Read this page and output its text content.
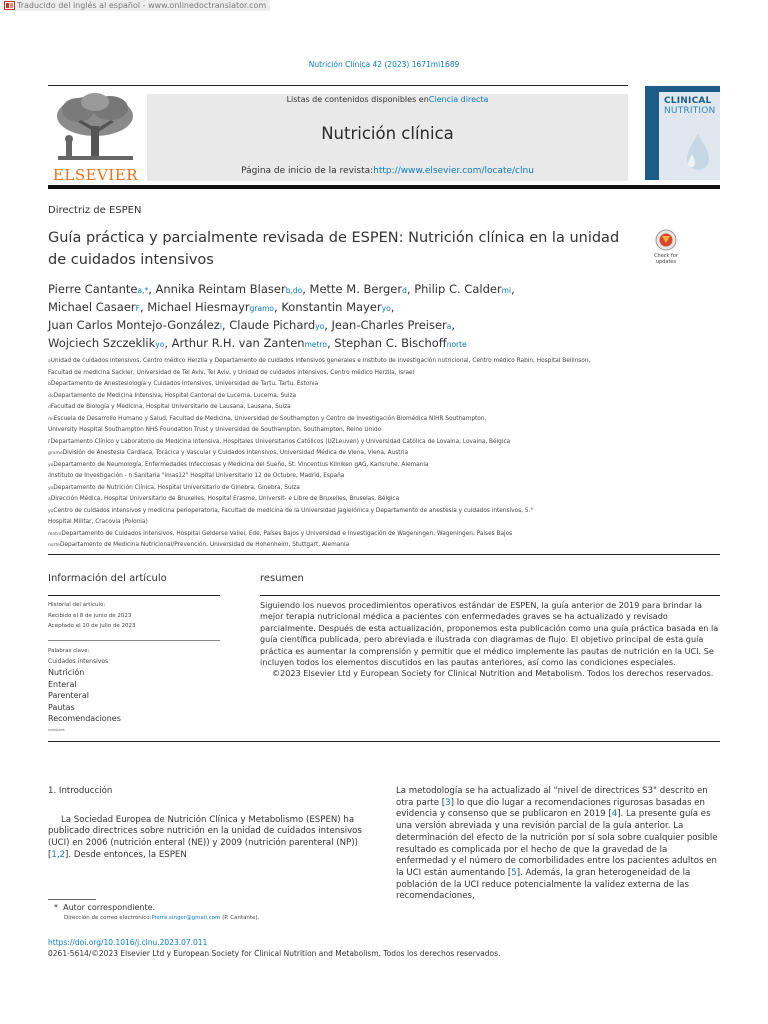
Traducido del inglés al español - www.onlinedoctranslator.com
Nutrición Clínica 42 (2023) 1671mi1689
ELSEVIER
Listas de contenidos disponibles enCiencia directa
Nutrición clínica
Página de inicio de la revista:http://www.elsevier.com/locate/clnu
CLINICAL
NUTRITION
Directriz de ESPEN
Guía práctica y parcialmente revisada de ESPEN: Nutrición clínica en la unidad de cuidados intensivos	Check for updates
Pierre Cantantea,*, Annika Reintam Blaserb,do, Mette M. Bergerd, Philip C. Caldermi,
Michael CasaerF, Michael Hiesmayrgramo, Konstantin Mayeryo,
Juan Carlos Montejo-Gonzálezi, Claude Pichardyo, Jean-Charles Preisera,
Wojciech Szczeklikyo, Arthur R.H. van Zantenmetro, Stephan C. Bischoffnorte
aUnidad de cuidados intensivos, Centro médico Herzlia y Departamento de cuidados intensivos generales e Instituto de investigación nutricional, Centro médico Rabin, Hospital Beilinson,
Facultad de medicina Sackler, Universidad de Tel Aviv, Tel Aviv, y Unidad de cuidados intensivos, Centro médico Herzlia, Israel
bDepartamento de Anestesiología y Cuidados Intensivos, Universidad de Tartu, Tartu, Estonia
doDepartamento de Medicina Intensiva, Hospital Cantonal de Lucerna, Lucerna, Suiza
dFacultad de Biología y Medicina, Hospital Universitario de Lausana, Lausana, Suiza
miEscuela de Desarrollo Humano y Salud, Facultad de Medicina, Universidad de Southampton y Centro de Investigación Biomédica NIHR Southampton,
University Hospital Southampton NHS Foundation Trust y Universidad de Southampton, Southampton, Reino Unido
FDepartamento Clínico y Laboratorio de Medicina Intensiva, Hospitales Universitarios Católicos (UZLeuven) y Universidad Católica de Lovaina, Lovaina, Bélgica
gramoDivisión de Anestesia Cardíaca, Torácica y Vascular y Cuidados Intensivos, Universidad Médica de Viena, Viena, Austria
yoDepartamento de Neumología, Enfermedades Infecciosas y Medicina del Sueño, St. Vincentius Kliniken gAG, Karlsruhe, Alemania
iInstituto de Investigación - n Sanitaria "imas12" Hospital Universitario 12 de Octubre, Madrid, España
yoDepartamento de Nutrición Clínica, Hospital Universitario de Ginebra, Ginebra, Suiza
aDirección Médica, Hospital Universitario de Bruxelles, Hospital Erasme, Universit- e Libre de Bruxelles, Bruselas, Bélgica
yoCentro de cuidados intensivos y medicina perioperatoria, Facultad de medicina de la Universidad Jagielónica y Departamento de anestesia y cuidados intensivos, 5.°
Hospital Militar, Cracovia (Polonia)
metroDepartamento de Cuidados Intensivos, Hospital Gelderse Vallei, Ede, Países Bajos y Universidad e Investigación de Wageningen, Wageningen, Países Bajos
norteDepartamento de Medicina Nutricional/Prevención, Universidad de Hohenheim, Stuttgart, Alemania
Información del artículo	resumen
Historial del artículo:
Recibido el 8 de junio de 2023
Aceptado el 10 de julio de 2023
Palabras clave:
Cuidados intensivos
Nutrición
Enteral
Parenteral
Pautas
Recomendaciones
nombres
Siguiendo los nuevos procedimientos operativos estándar de ESPEN, la guía anterior de 2019 para brindar la mejor terapia nutricional médica a pacientes con enfermedades graves se ha actualizado y revisado parcialmente. Después de esta actualización, proponemos esta publicación como una guía práctica basada en la guía científica publicada, pero abreviada e ilustrada con diagramas de flujo. El objetivo principal de esta guía práctica es aumentar la comprensión y permitir que el médico implemente las pautas de nutrición en la UCI. Se incluyen todos los elementos discutidos en las pautas anteriores, así como las condiciones especiales.
©2023 Elsevier Ltd y European Society for Clinical Nutrition and Metabolism. Todos los derechos reservados.
1. Introducción
La Sociedad Europea de Nutrición Clínica y Metabolismo (ESPEN) ha publicado directrices sobre nutrición en la unidad de cuidados intensivos (UCI) en 2006 (nutrición enteral (NE)) y 2009 (nutrición parenteral (NP)) [1,2]. Desde entonces, la ESPEN
La metodología se ha actualizado al "nivel de directrices S3" descrito en otra parte [3] lo que dio lugar a recomendaciones rigurosas basadas en evidencia y consenso que se publicaron en 2019 [4]. La presente guía es una versión abreviada y una revisión parcial de la guía anterior. La determinación del efecto de la nutrición por sí sola sobre cualquier posible resultado es complicada por el hecho de que la gravedad de la enfermedad y el número de comorbilidades entre los pacientes adultos en la UCI están aumentando [5]. Además, la gran heterogeneidad de la población de la UCI reduce potencialmente la validez externa de las recomendaciones,
* Autor correspondiente.
Dirección de correo electrónico:Pierre.singer@gmail.com (P. Cantante).
https://doi.org/10.1016/j.clnu.2023.07.011
0261-5614/©2023 Elsevier Ltd y European Society for Clinical Nutrition and Metabolism. Todos los derechos reservados.
